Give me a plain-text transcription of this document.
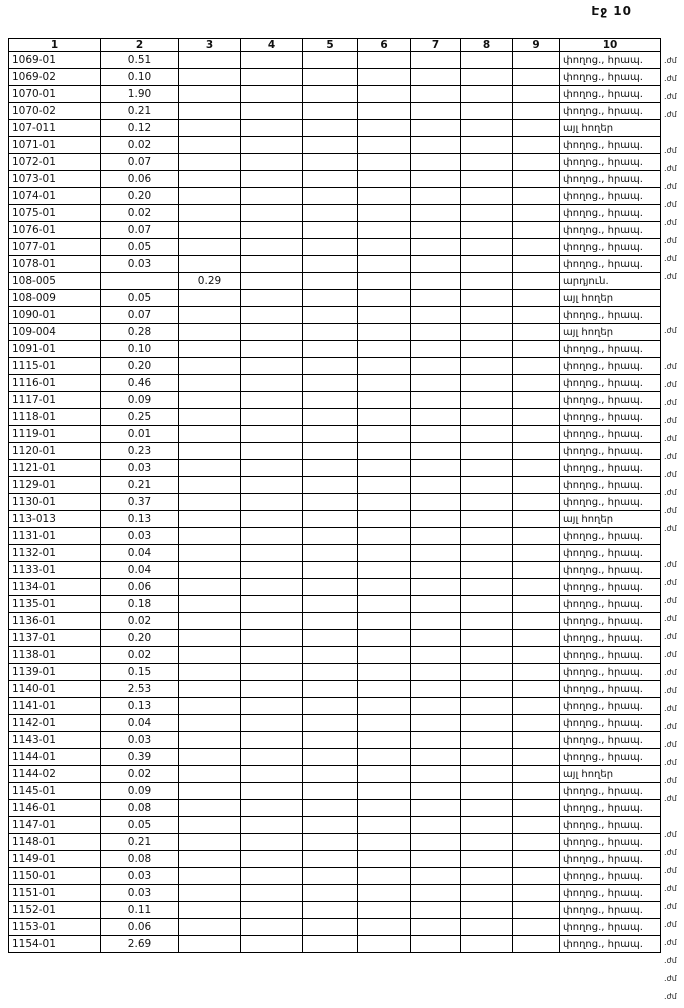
Էջ 10
1	2	3	4	5	6	7	8	9	10
1069-01	0.51								փողոց., հրապ.
1069-02	0.10								փողոց., հրապ.
1070-01	1.90								փողոց., հրապ.
1070-02	0.21								փողոց., հրապ.
107-011	0.12								այլ հողեր
1071-01	0.02								փողոց., հրապ.
1072-01	0.07								փողոց., հրապ.
1073-01	0.06								փողոց., հրապ.
1074-01	0.20								փողոց., հրապ.
1075-01	0.02								փողոց., հրապ.
1076-01	0.07								փողոց., հրապ.
1077-01	0.05								փողոց., հրապ.
1078-01	0.03								փողոց., հրապ.
108-005		0.29							արդյուն.
108-009	0.05								այլ հողեր
1090-01	0.07								փողոց., հրապ.
109-004	0.28								այլ հողեր
1091-01	0.10								փողոց., հրապ.
1115-01	0.20								փողոց., հրապ.
1116-01	0.46								փողոց., հրապ.
1117-01	0.09								փողոց., հրապ.
1118-01	0.25								փողոց., հրապ.
1119-01	0.01								փողոց., հրապ.
1120-01	0.23								փողոց., հրապ.
1121-01	0.03								փողոց., հրապ.
1129-01	0.21								փողոց., հրապ.
1130-01	0.37								փողոց., հրապ.
113-013	0.13								այլ հողեր
1131-01	0.03								փողոց., հրապ.
1132-01	0.04								փողոց., հրապ.
1133-01	0.04								փողոց., հրապ.
1134-01	0.06								փողոց., հրապ.
1135-01	0.18								փողոց., հրապ.
1136-01	0.02								փողոց., հրապ.
1137-01	0.20								փողոց., հրապ.
1138-01	0.02								փողոց., հրապ.
1139-01	0.15								փողոց., հրապ.
1140-01	2.53								փողոց., հրապ.
1141-01	0.13								փողոց., հրապ.
1142-01	0.04								փողոց., հրապ.
1143-01	0.03								փողոց., հրապ.
1144-01	0.39								փողոց., հրապ.
1144-02	0.02								այլ հողեր
1145-01	0.09								փողոց., հրապ.
1146-01	0.08								փողոց., հրապ.
1147-01	0.05								փողոց., հրապ.
1148-01	0.21								փողոց., հրապ.
1149-01	0.08								փողոց., հրապ.
1150-01	0.03								փողոց., հրապ.
1151-01	0.03								փողոց., հրապ.
1152-01	0.11								փողոց., հրապ.
1153-01	0.06								փողոց., հրապ.
1154-01	2.69								փողոց., հրապ.
.ժմ
.ժմ
.ժմ
.ժմ
.ժմ
.ժմ
.ժմ
.ժմ
.ժմ
.ժմ
.ժմ
.ժմ
.ժմ
.ժմ
.ժմ
.ժմ
.ժմ
.ժմ
.ժմ
.ժմ
.ժմ
.ժմ
.ժմ
.ժմ
.ժմ
.ժմ
.ժմ
.ժմ
.ժմ
.ժմ
.ժմ
.ժմ
.ժմ
.ժմ
.ժմ
.ժմ
.ժմ
.ժմ
.ժմ
.ժմ
.ժմ
.ժմ
.ժմ
.ժմ
.ժմ
.ժմ
.ժմ
